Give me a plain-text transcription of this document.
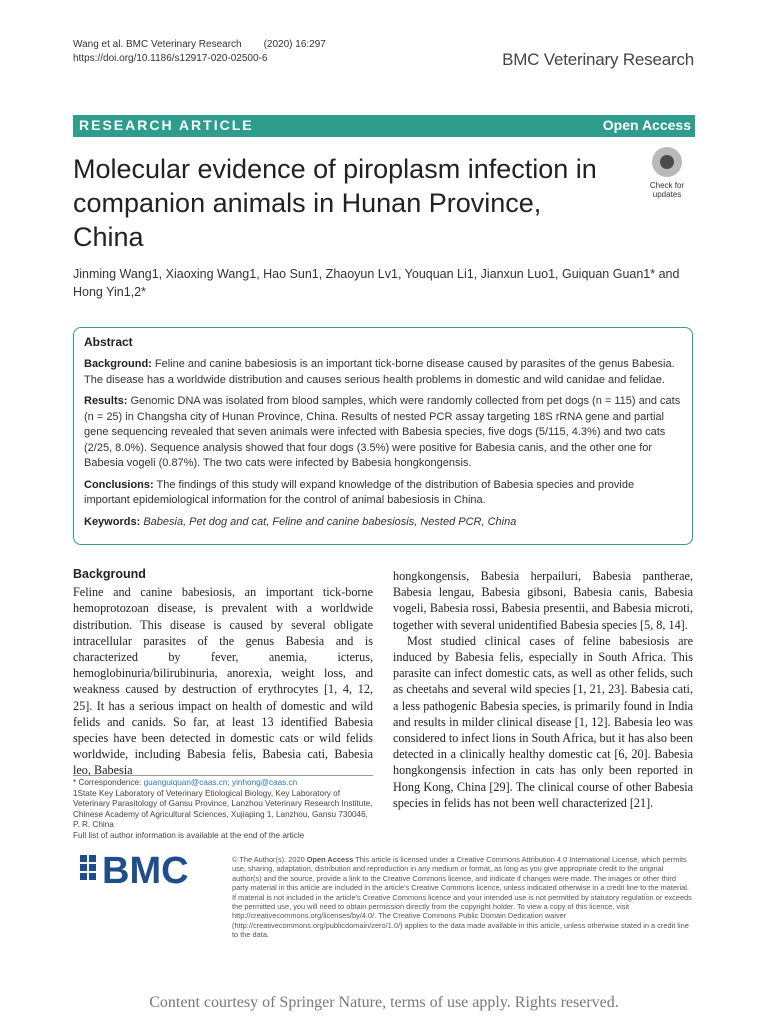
Wang et al. BMC Veterinary Research (2020) 16:297
https://doi.org/10.1186/s12917-020-02500-6	BMC Veterinary Research
RESEARCH ARTICLE	Open Access
Molecular evidence of piroplasm infection in companion animals in Hunan Province, China
Check for
updates
Jinming Wang1, Xiaoxing Wang1, Hao Sun1, Zhaoyun Lv1, Youquan Li1, Jianxun Luo1, Guiquan Guan1* and
Hong Yin1,2*
Abstract

Background: Feline and canine babesiosis is an important tick-borne disease caused by parasites of the genus Babesia. The disease has a worldwide distribution and causes serious health problems in domestic and wild canidae and felidae.

Results: Genomic DNA was isolated from blood samples, which were randomly collected from pet dogs (n = 115) and cats (n = 25) in Changsha city of Hunan Province, China. Results of nested PCR assay targeting 18S rRNA gene and partial gene sequencing revealed that seven animals were infected with Babesia species, five dogs (5/115, 4.3%) and two cats (2/25, 8.0%). Sequence analysis showed that four dogs (3.5%) were positive for Babesia canis, and the other one for Babesia vogeli (0.87%). The two cats were infected by Babesia hongkongensis.

Conclusions: The findings of this study will expand knowledge of the distribution of Babesia species and provide important epidemiological information for the control of animal babesiosis in China.

Keywords: Babesia, Pet dog and cat, Feline and canine babesiosis, Nested PCR, China

Background

Feline and canine babesiosis, an important tick-borne hemoprotozoan disease, is prevalent with a worldwide distribution. This disease is caused by several obligate intracellular parasites of the genus Babesia and is characterized by fever, anemia, icterus, hemoglobinuria/bilirubinuria, anorexia, weight loss, and weakness caused by destruction of erythrocytes [1, 4, 12, 25]. It has a serious impact on health of domestic and wild felids and canids. So far, at least 13 identified Babesia species have been detected in domestic cats or wild felids worldwide, including Babesia felis, Babesia cati, Babesia leo, Babesia

hongkongensis, Babesia herpailuri, Babesia pantherae, Babesia lengau, Babesia gibsoni, Babesia canis, Babesia vogeli, Babesia rossi, Babesia presentii, and Babesia microti, together with several unidentified Babesia species [5, 8, 14].

Most studied clinical cases of feline babesiosis are induced by Babesia felis, especially in South Africa. This parasite can infect domestic cats, as well as other felids, such as cheetahs and several wild species [1, 21, 23]. Babesia cati, a less pathogenic Babesia species, is primarily found in India and results in milder clinical disease [1, 12]. Babesia leo was considered to infect lions in South Africa, but it has also been detected in a clinically healthy domestic cat [6, 20]. Babesia hongkongensis infection in cats has only been reported in Hong Kong, China [29]. The clinical course of other Babesia species in felids has not been well characterized [21].

* Correspondence: guanguiquan@caas.cn; yinhong@caas.cn
1State Key Laboratory of Veterinary Etiological Biology, Key Laboratory of Veterinary Parasitology of Gansu Province, Lanzhou Veterinary Research Institute, Chinese Academy of Agricultural Sciences, Xujiaping 1, Lanzhou, Gansu 730046, P. R. China
Full list of author information is available at the end of the article
BMC	© The Author(s). 2020 Open Access This article is licensed under a Creative Commons Attribution 4.0 International License, which permits use, sharing, adaptation, distribution and reproduction in any medium or format, as long as you give appropriate credit to the original author(s) and the source, provide a link to the Creative Commons licence, and indicate if changes were made. The images or other third party material in this article are included in the article's Creative Commons licence, unless indicated otherwise in a credit line to the material. If material is not included in the article's Creative Commons licence and your intended use is not permitted by statutory regulation or exceeds the permitted use, you will need to obtain permission directly from the copyright holder. To view a copy of this licence, visit http://creativecommons.org/licenses/by/4.0/. The Creative Commons Public Domain Dedication waiver (http://creativecommons.org/publicdomain/zero/1.0/) applies to the data made available in this article, unless otherwise stated in a credit line to the data.
Content courtesy of Springer Nature, terms of use apply. Rights reserved.
